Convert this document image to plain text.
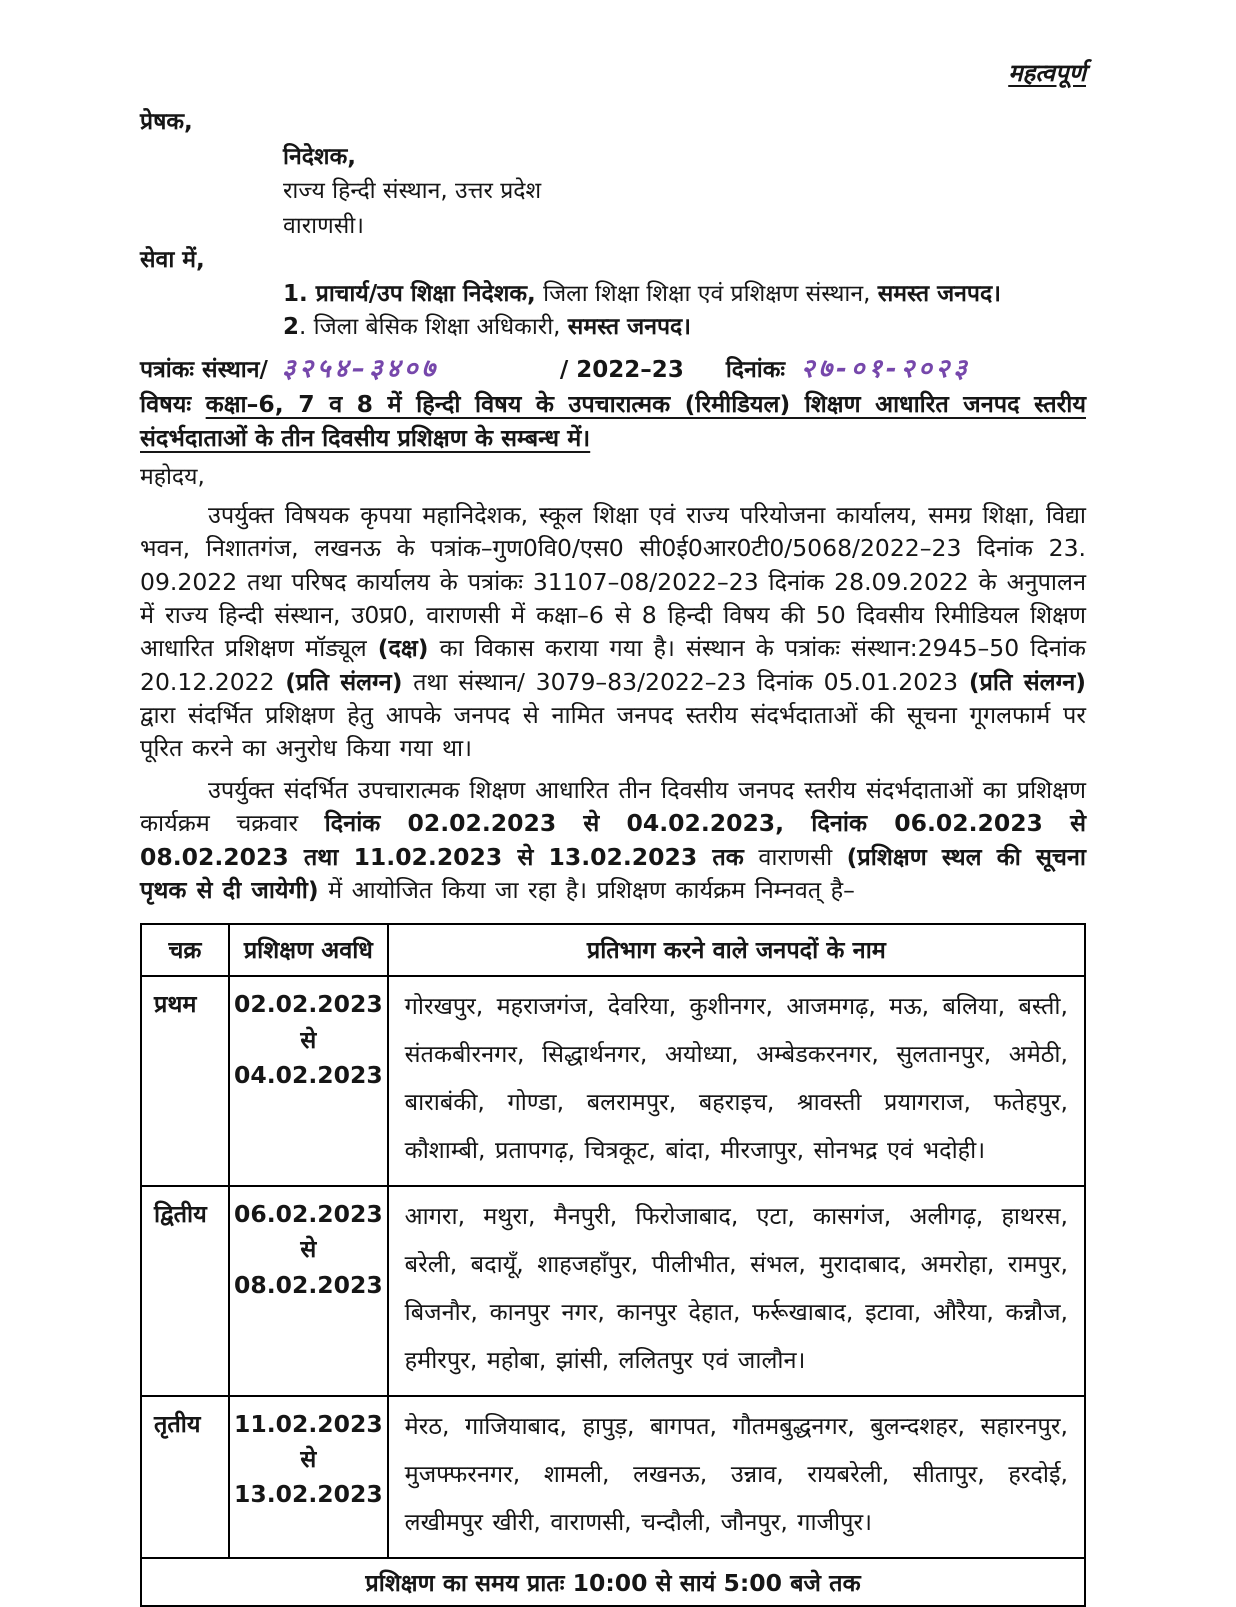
महत्वपूर्ण
प्रेषक,
निदेशक,
राज्य हिन्दी संस्थान, उत्तर प्रदेश
वाराणसी।
सेवा में,
1. प्राचार्य/उप शिक्षा निदेशक, जिला शिक्षा शिक्षा एवं प्रशिक्षण संस्थान, समस्त जनपद।
2. जिला बेसिक शिक्षा अधिकारी, समस्त जनपद।
पत्रांकः संस्थान/ ३२५४–३४०७	/ 2022–23 दिनांकः २७-०१-२०२३
विषयः कक्षा–6, 7 व 8 में हिन्दी विषय के उपचारात्मक (रिमीडियल) शिक्षण आधारित जनपद स्तरीय संदर्भदाताओं के तीन दिवसीय प्रशिक्षण के सम्बन्ध में।
महोदय,

उपर्युक्त विषयक कृपया महानिदेशक, स्कूल शिक्षा एवं राज्य परियोजना कार्यालय, समग्र शिक्षा, विद्या भवन, निशातगंज, लखनऊ के पत्रांक–गुण0वि0/एस0 सी0ई0आर0टी0/5068/2022–23 दिनांक 23. 09.2022 तथा परिषद कार्यालय के पत्रांकः 31107–08/2022–23 दिनांक 28.09.2022 के अनुपालन में राज्य हिन्दी संस्थान, उ0प्र0, वाराणसी में कक्षा–6 से 8 हिन्दी विषय की 50 दिवसीय रिमीडियल शिक्षण आधारित प्रशिक्षण मॉड्यूल (दक्ष) का विकास कराया गया है। संस्थान के पत्रांकः संस्थान:2945–50 दिनांक 20.12.2022 (प्रति संलग्न) तथा संस्थान/ 3079–83/2022–23 दिनांक 05.01.2023 (प्रति संलग्न) द्वारा संदर्भित प्रशिक्षण हेतु आपके जनपद से नामित जनपद स्तरीय संदर्भदाताओं की सूचना गूगलफार्म पर पूरित करने का अनुरोध किया गया था।

उपर्युक्त संदर्भित उपचारात्मक शिक्षण आधारित तीन दिवसीय जनपद स्तरीय संदर्भदाताओं का प्रशिक्षण कार्यक्रम चक्रवार दिनांक 02.02.2023 से 04.02.2023, दिनांक 06.02.2023 से 08.02.2023 तथा 11.02.2023 से 13.02.2023 तक वाराणसी (प्रशिक्षण स्थल की सूचना पृथक से दी जायेगी) में आयोजित किया जा रहा है। प्रशिक्षण कार्यक्रम निम्नवत् है–

चक्र	प्रशिक्षण अवधि	प्रतिभाग करने वाले जनपदों के नाम
प्रथम	02.02.2023
से
04.02.2023
	गोरखपुर, महराजगंज, देवरिया, कुशीनगर, आजमगढ़, मऊ, बलिया, बस्ती, संतकबीरनगर, सिद्धार्थनगर, अयोध्या, अम्बेडकरनगर, सुलतानपुर, अमेठी, बाराबंकी, गोण्डा, बलरामपुर, बहराइच, श्रावस्ती प्रयागराज, फतेहपुर, कौशाम्बी, प्रतापगढ़, चित्रकूट, बांदा, मीरजापुर, सोनभद्र एवं भदोही।
द्वितीय	06.02.2023
से
08.02.2023
	आगरा, मथुरा, मैनपुरी, फिरोजाबाद, एटा, कासगंज, अलीगढ़, हाथरस, बरेली, बदायूँ, शाहजहाँपुर, पीलीभीत, संभल, मुरादाबाद, अमरोहा, रामपुर, बिजनौर, कानपुर नगर, कानपुर देहात, फर्रूखाबाद, इटावा, औरैया, कन्नौज, हमीरपुर, महोबा, झांसी, ललितपुर एवं जालौन।
तृतीय	11.02.2023
से
13.02.2023	मेरठ, गाजियाबाद, हापुड़, बागपत, गौतमबुद्धनगर, बुलन्दशहर, सहारनपुर, मुजफ्फरनगर, शामली, लखनऊ, उन्नाव, रायबरेली, सीतापुर, हरदोई, लखीमपुर खीरी, वाराणसी, चन्दौली, जौनपुर, गाजीपुर।
प्रशिक्षण का समय प्रातः 10:00 से सायं 5:00 बजे तक		
